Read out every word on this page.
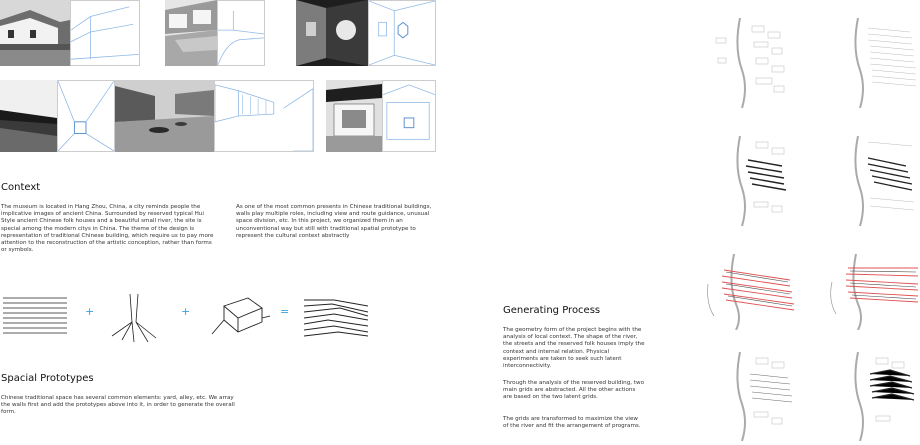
Context

The museum is located in Hang Zhou, China, a city reminds people the implicative images of ancient China. Surrounded by reserved typical Hui Style ancient Chinese folk houses and a beautiful small river, the site is special among the modern citys in China. The theme of the design is representation of traditional Chinese building, which require us to pay more attention to the reconstruction of the artistic conception, rather than forms or symbols.

As one of the most common presents in Chinese traditional buildings, walls play multiple roles, including view and route guidance, unusual space division, etc. In this project, we organized them in an unconventional way but still with traditional spatial prototype to represent the cultural context abstractly

+	+	=
Spacial Prototypes

Chinese traditional space has several common elements: yard, alley, etc. We array the walls first and add the prototypes above into it, in order to generate the overall form.

Generating Process

The geometry form of the project begins with the analysis of local context. The shape of the river, the streets and the reserved folk houses imply the context and internal relation. Physical experiments are taken to seek such latent interconnectivity.

Through the analysis of the reserved building, two main grids are abstracted. All the other actions are based on the two latent grids.

The grids are transformed to maximize the view of the river and fit the arrangement of programs.
